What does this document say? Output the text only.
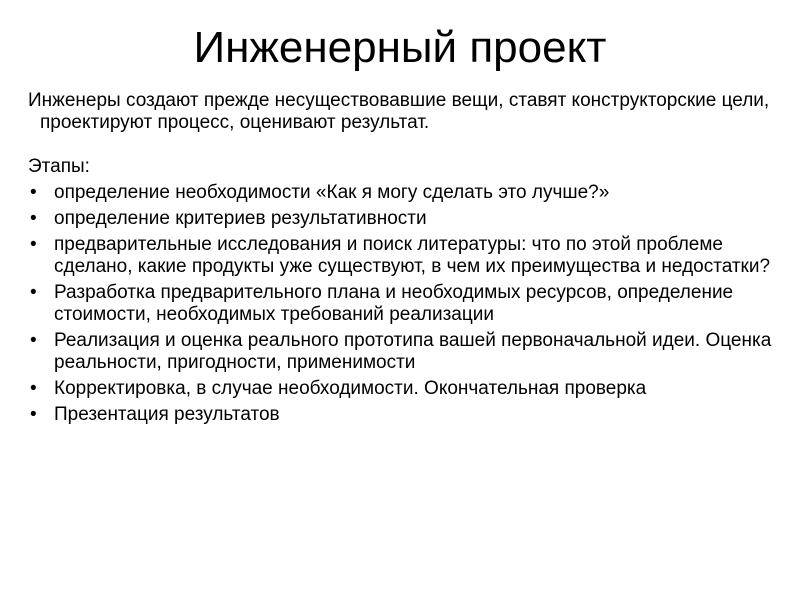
Инженерный проект

Инженеры создают прежде несуществовавшие вещи, ставят конструкторские цели, проектируют процесс, оценивают результат.

Этапы:

• определение необходимости «Как я могу сделать это лучше?»
• определение критериев результативности
• предварительные исследования и поиск литературы: что по этой проблеме сделано, какие продукты уже существуют, в чем их преимущества и недостатки?
• Разработка предварительного плана и необходимых ресурсов, определение стоимости, необходимых требований реализации
• Реализация и оценка реального прототипа вашей первоначальной идеи. Оценка реальности, пригодности, применимости
• Корректировка, в случае необходимости. Окончательная проверка
• Презентация результатов
